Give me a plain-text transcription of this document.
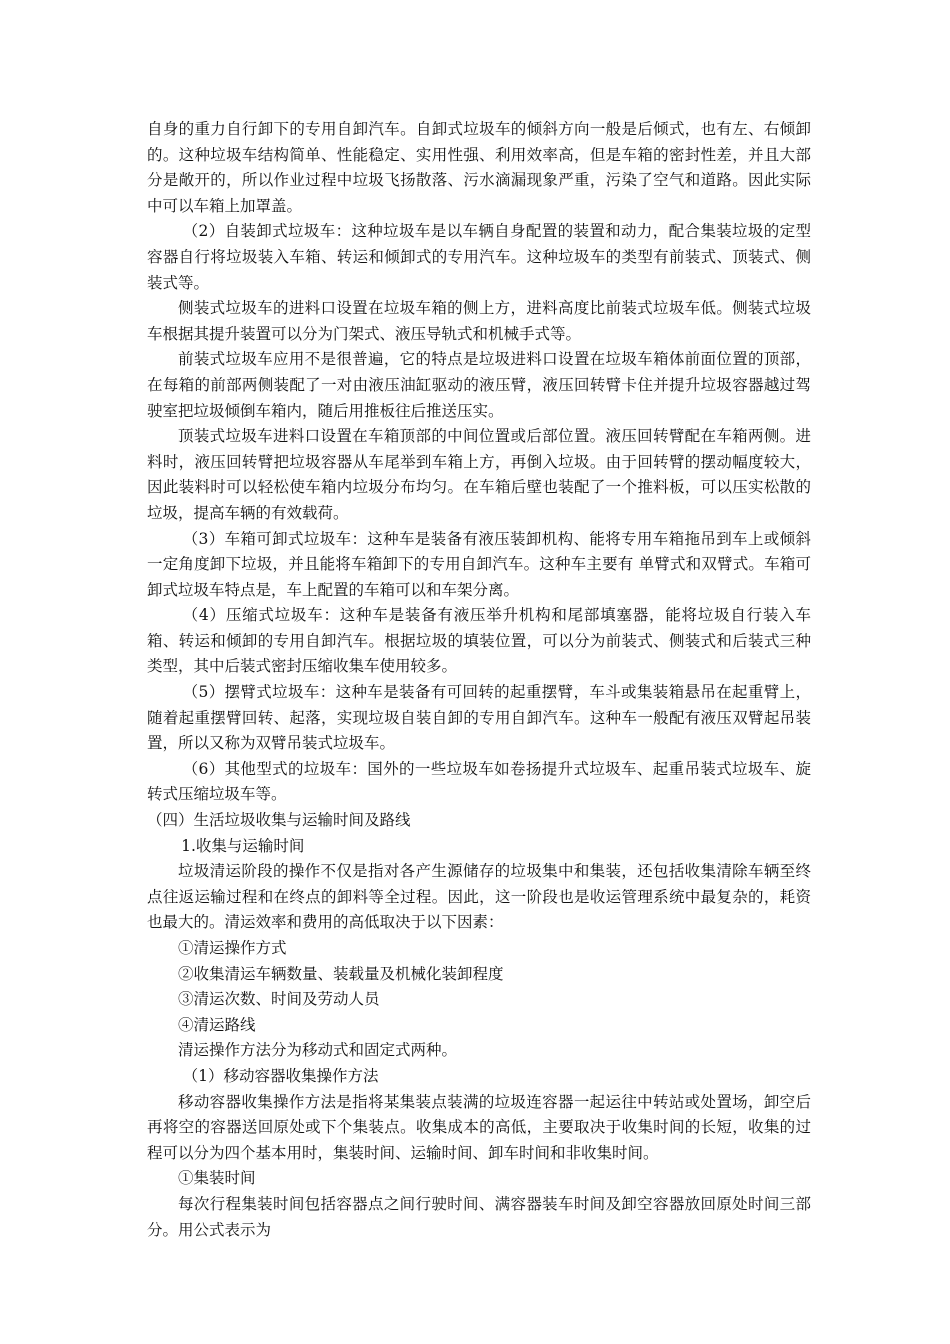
自身的重力自行卸下的专用自卸汽车。自卸式垃圾车的倾斜方向一般是后倾式，也有左、右倾卸的。这种垃圾车结构简单、性能稳定、实用性强、利用效率高，但是车箱的密封性差，并且大部分是敞开的，所以作业过程中垃圾飞扬散落、污水滴漏现象严重，污染了空气和道路。因此实际中可以车箱上加罩盖。

（2）自装卸式垃圾车：这种垃圾车是以车辆自身配置的装置和动力，配合集装垃圾的定型容器自行将垃圾装入车箱、转运和倾卸式的专用汽车。这种垃圾车的类型有前装式、顶装式、侧装式等。

侧装式垃圾车的进料口设置在垃圾车箱的侧上方，进料高度比前装式垃圾车低。侧装式垃圾车根据其提升装置可以分为门架式、液压导轨式和机械手式等。

前装式垃圾车应用不是很普遍，它的特点是垃圾进料口设置在垃圾车箱体前面位置的顶部，在每箱的前部两侧装配了一对由液压油缸驱动的液压臂，液压回转臂卡住并提升垃圾容器越过驾驶室把垃圾倾倒车箱内，随后用推板往后推送压实。

顶装式垃圾车进料口设置在车箱顶部的中间位置或后部位置。液压回转臂配在车箱两侧。进料时，液压回转臂把垃圾容器从车尾举到车箱上方，再倒入垃圾。由于回转臂的摆动幅度较大，因此装料时可以轻松使车箱内垃圾分布均匀。在车箱后壁也装配了一个推料板，可以压实松散的垃圾，提高车辆的有效载荷。

（3）车箱可卸式垃圾车：这种车是装备有液压装卸机构、能将专用车箱拖吊到车上或倾斜一定角度卸下垃圾，并且能将车箱卸下的专用自卸汽车。这种车主要有 单臂式和双臂式。车箱可卸式垃圾车特点是，车上配置的车箱可以和车架分离。

（4）压缩式垃圾车：这种车是装备有液压举升机构和尾部填塞器，能将垃圾自行装入车箱、转运和倾卸的专用自卸汽车。根据垃圾的填装位置，可以分为前装式、侧装式和后装式三种类型，其中后装式密封压缩收集车使用较多。

（5）摆臂式垃圾车：这种车是装备有可回转的起重摆臂，车斗或集装箱悬吊在起重臂上，随着起重摆臂回转、起落，实现垃圾自装自卸的专用自卸汽车。这种车一般配有液压双臂起吊装置，所以又称为双臂吊装式垃圾车。

（6）其他型式的垃圾车：国外的一些垃圾车如卷扬提升式垃圾车、起重吊装式垃圾车、旋转式压缩垃圾车等。

（四）生活垃圾收集与运输时间及路线

1.收集与运输时间

垃圾清运阶段的操作不仅是指对各产生源储存的垃圾集中和集装，还包括收集清除车辆至终点往返运输过程和在终点的卸料等全过程。因此，这一阶段也是收运管理系统中最复杂的，耗资也最大的。清运效率和费用的高低取决于以下因素：

①清运操作方式

②收集清运车辆数量、装载量及机械化装卸程度

③清运次数、时间及劳动人员

④清运路线

清运操作方法分为移动式和固定式两种。

（1）移动容器收集操作方法

移动容器收集操作方法是指将某集装点装满的垃圾连容器一起运往中转站或处置场，卸空后再将空的容器送回原处或下个集装点。收集成本的高低，主要取决于收集时间的长短，收集的过程可以分为四个基本用时，集装时间、运输时间、卸车时间和非收集时间。

①集装时间

每次行程集装时间包括容器点之间行驶时间、满容器装车时间及卸空容器放回原处时间三部分。用公式表示为
